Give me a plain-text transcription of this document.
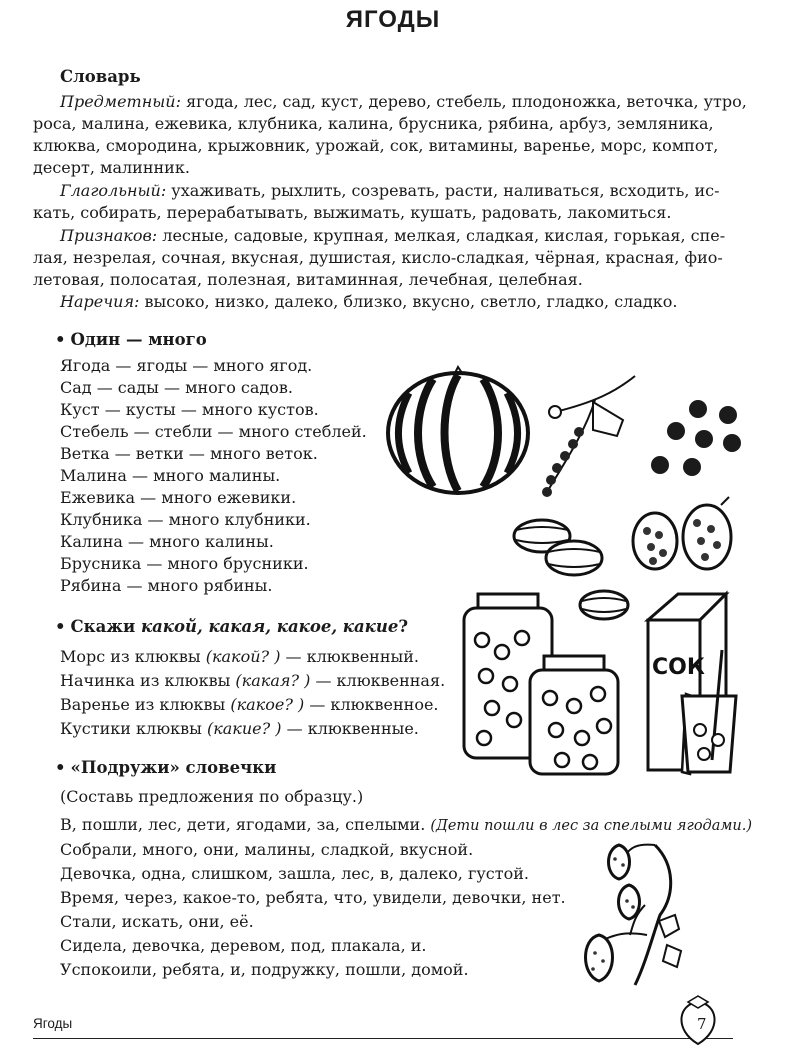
ЯГОДЫ
Словарь
Предметный: ягода, лес, сад, куст, дерево, стебель, плодоножка, веточка, утро,
роса, малина, ежевика, клубника, калина, брусника, рябина, арбуз, земляника,
клюква, смородина, крыжовник, урожай, сок, витамины, варенье, морс, компот,
десерт, малинник.
Глагольный: ухаживать, рыхлить, созревать, расти, наливаться, всходить, ис-
кать, собирать, перерабатывать, выжимать, кушать, радовать, лакомиться.
Признаков: лесные, садовые, крупная, мелкая, сладкая, кислая, горькая, спе-
лая, незрелая, сочная, вкусная, душистая, кисло-сладкая, чёрная, красная, фио-
летовая, полосатая, полезная, витаминная, лечебная, целебная.
Наречия: высоко, низко, далеко, близко, вкусно, светло, гладко, сладко.
• Один — много
Ягода — ягоды — много ягод.
Сад — сады — много садов.
Куст — кусты — много кустов.
Стебель — стебли — много стеблей.
Ветка — ветки — много веток.
Малина — много малины.
Ежевика — много ежевики.
Клубника — много клубники.
Калина — много калины.
Брусника — много брусники.
Рябина — много рябины.
• Скажи какой, какая, какое, какие?
Морс из клюквы (какой? ) — клюквенный.
Начинка из клюквы (какая? ) — клюквенная.
Варенье из клюквы (какое? ) — клюквенное.
Кустики клюквы (какие? ) — клюквенные.
• «Подружи» словечки
(Составь предложения по образцу.)
В, пошли, лес, дети, ягодами, за, спелыми. (Дети пошли в лес за спелыми ягодами.)
Собрали, много, они, малины, сладкой, вкусной.
Девочка, одна, слишком, зашла, лес, в, далеко, густой.
Время, через, какое-то, ребята, что, увидели, девочки, нет.
Стали, искать, они, её.
Сидела, девочка, деревом, под, плакала, и.
Успокоили, ребята, и, подружку, пошли, домой.
СОК
Ягоды	7
